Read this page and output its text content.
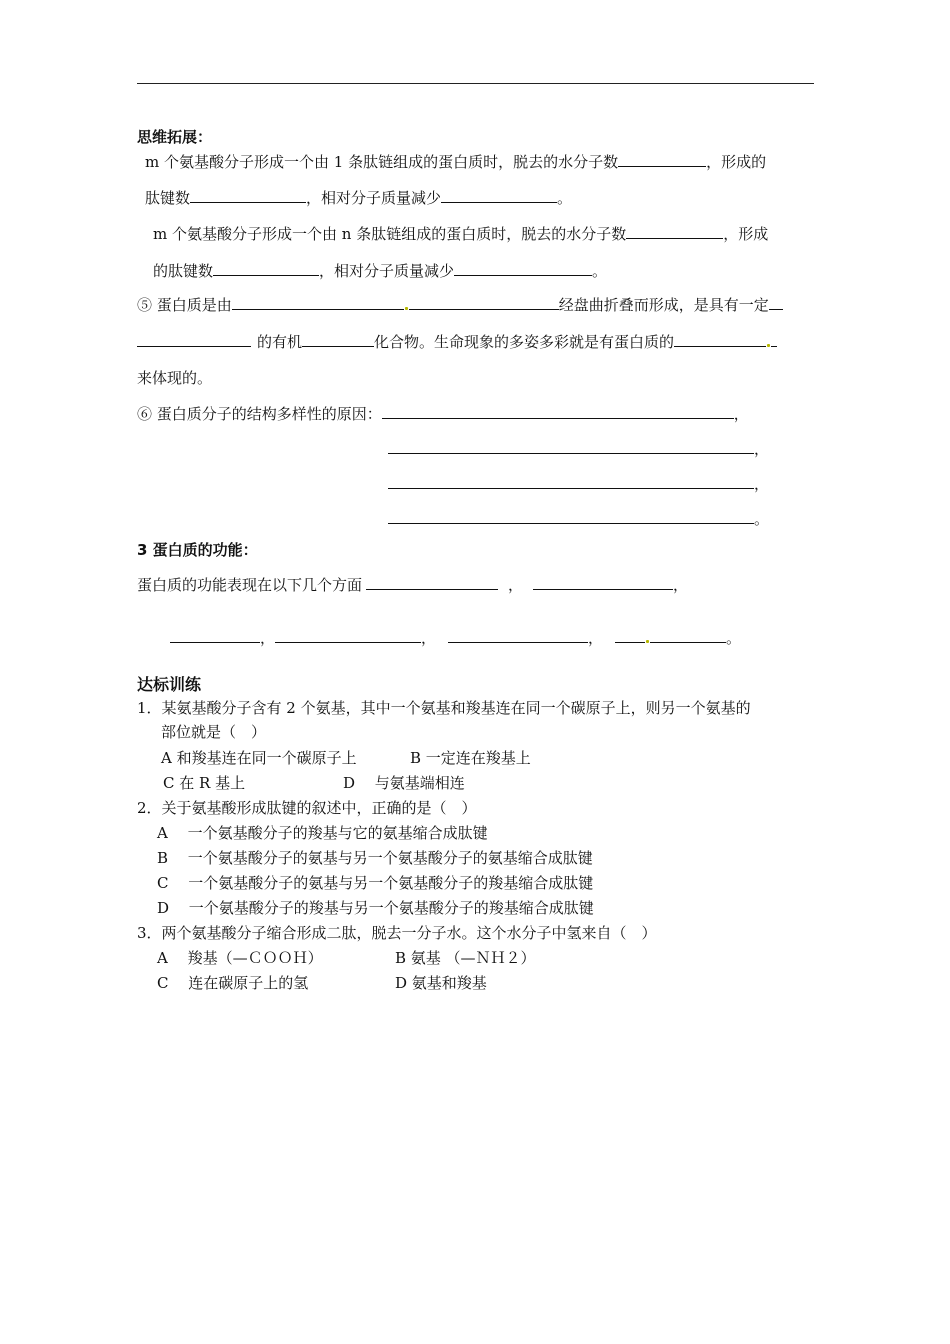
思维拓展：
m 个氨基酸分子形成一个由 1 条肽链组成的蛋白质时，脱去的水分子数	，形成的
肽键数	，相对分子质量减少	。
m 个氨基酸分子形成一个由 n 条肽链组成的蛋白质时，脱去的水分子数	，形成
的肽键数	，相对分子质量减少	。
⑤ 蛋白质是由	经盘曲折叠而形成，是具有一定
的有机	化合物。生命现象的多姿多彩就是有蛋白质的
来体现的。
⑥ 蛋白质分子的结构多样性的原因：	，
，
，
。
3 蛋白质的功能：
蛋白质的功能表现在以下几个方面	，	，
，	，	，	。
达标训练
1．某氨基酸分子含有 2 个氨基，其中一个氨基和羧基连在同一个碳原子上，则另一个氨基的
部位就是（　）
A 和羧基连在同一个碳原子上	B 一定连在羧基上
C 在 R 基上	D　 与氨基端相连
2．关于氨基酸形成肽键的叙述中，正确的是（　）
A　 一个氨基酸分子的羧基与它的氨基缩合成肽键
B　 一个氨基酸分子的氨基与另一个氨基酸分子的氨基缩合成肽键
C　 一个氨基酸分子的氨基与另一个氨基酸分子的羧基缩合成肽键
D　 一个氨基酸分子的羧基与另一个氨基酸分子的羧基缩合成肽键
3．两个氨基酸分子缩合形成二肽，脱去一分子水。这个水分子中氢来自（　）
A　 羧基（—ＣＯＯＨ）	B 氨基 （—ＮＨ２）
C　 连在碳原子上的氢	D 氨基和羧基
